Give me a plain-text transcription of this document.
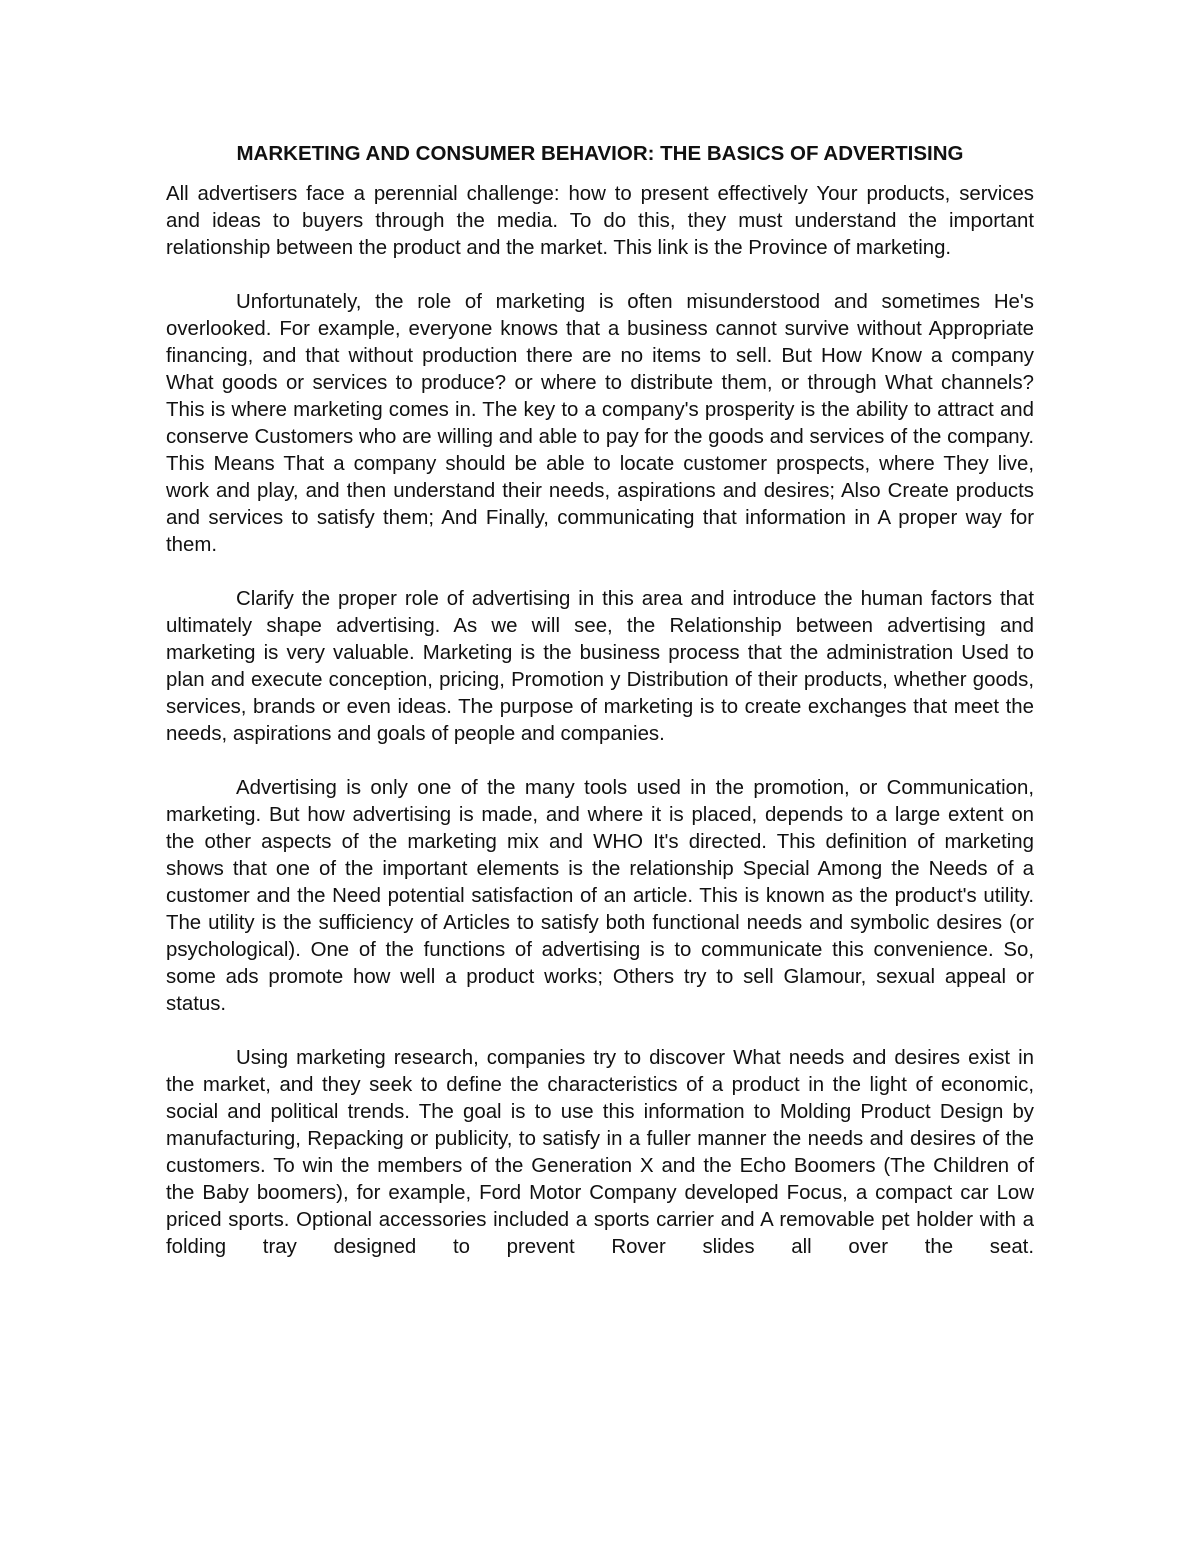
MARKETING AND CONSUMER BEHAVIOR: THE BASICS OF ADVERTISING

All advertisers face a perennial challenge: how to present effectively Your products, services and ideas to buyers through the media. To do this, they must understand the important relationship between the product and the market. This link is the Province of marketing.

Unfortunately, the role of marketing is often misunderstood and sometimes He's overlooked. For example, everyone knows that a business cannot survive without Appropriate financing, and that without production there are no items to sell. But How Know a company What goods or services to produce? or where to distribute them, or through What channels? This is where marketing comes in. The key to a company's prosperity is the ability to attract and conserve Customers who are willing and able to pay for the goods and services of the company. This Means That a company should be able to locate customer prospects, where They live, work and play, and then understand their needs, aspirations and desires; Also Create products and services to satisfy them; And Finally, communicating that information in A proper way for them.

Clarify the proper role of advertising in this area and introduce the human factors that ultimately shape advertising. As we will see, the Relationship between advertising and marketing is very valuable. Marketing is the business process that the administration Used to plan and execute conception, pricing, Promotion y Distribution of their products, whether goods, services, brands or even ideas. The purpose of marketing is to create exchanges that meet the needs, aspirations and goals of people and companies.

Advertising is only one of the many tools used in the promotion, or Communication, marketing. But how advertising is made, and where it is placed, depends to a large extent on the other aspects of the marketing mix and WHO It's directed. This definition of marketing shows that one of the important elements is the relationship Special Among the Needs of a customer and the Need potential satisfaction of an article. This is known as the product's utility. The utility is the sufficiency of Articles to satisfy both functional needs and symbolic desires (or psychological). One of the functions of advertising is to communicate this convenience. So, some ads promote how well a product works; Others try to sell Glamour, sexual appeal or status.

Using marketing research, companies try to discover What needs and desires exist in the market, and they seek to define the characteristics of a product in the light of economic, social and political trends. The goal is to use this information to Molding Product Design by manufacturing, Repacking or publicity, to satisfy in a fuller manner the needs and desires of the customers. To win the members of the Generation X and the Echo Boomers (The Children of the Baby boomers), for example, Ford Motor Company developed Focus, a compact car Low priced sports. Optional accessories included a sports carrier and A removable pet holder with a folding tray designed to prevent Rover slides all over the seat.
